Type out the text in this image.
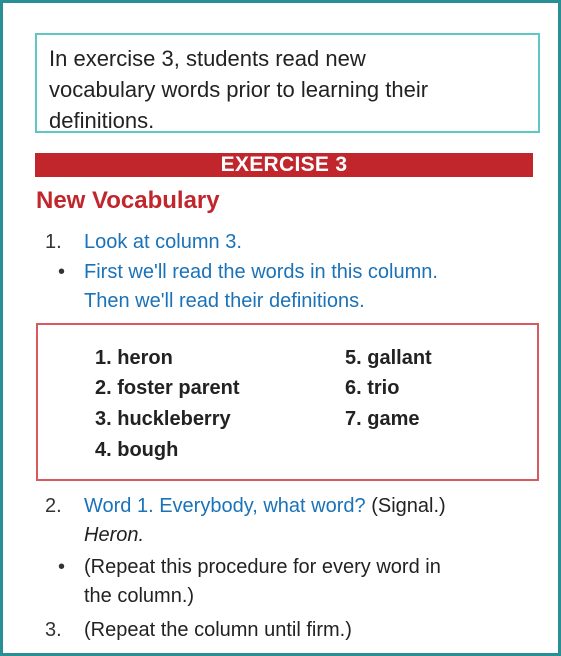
In exercise 3, students read new
vocabulary words prior to learning their
definitions.
EXERCISE 3
New Vocabulary
1. Look at column 3.
• First we'll read the words in this column.
Then we'll read their definitions.
1. heron
2. foster parent
3. huckleberry
4. bough
5. gallant
6. trio
7. game
2. Word 1. Everybody, what word? (Signal.)
Heron.
• (Repeat this procedure for every word in
the column.)
3. (Repeat the column until firm.)
